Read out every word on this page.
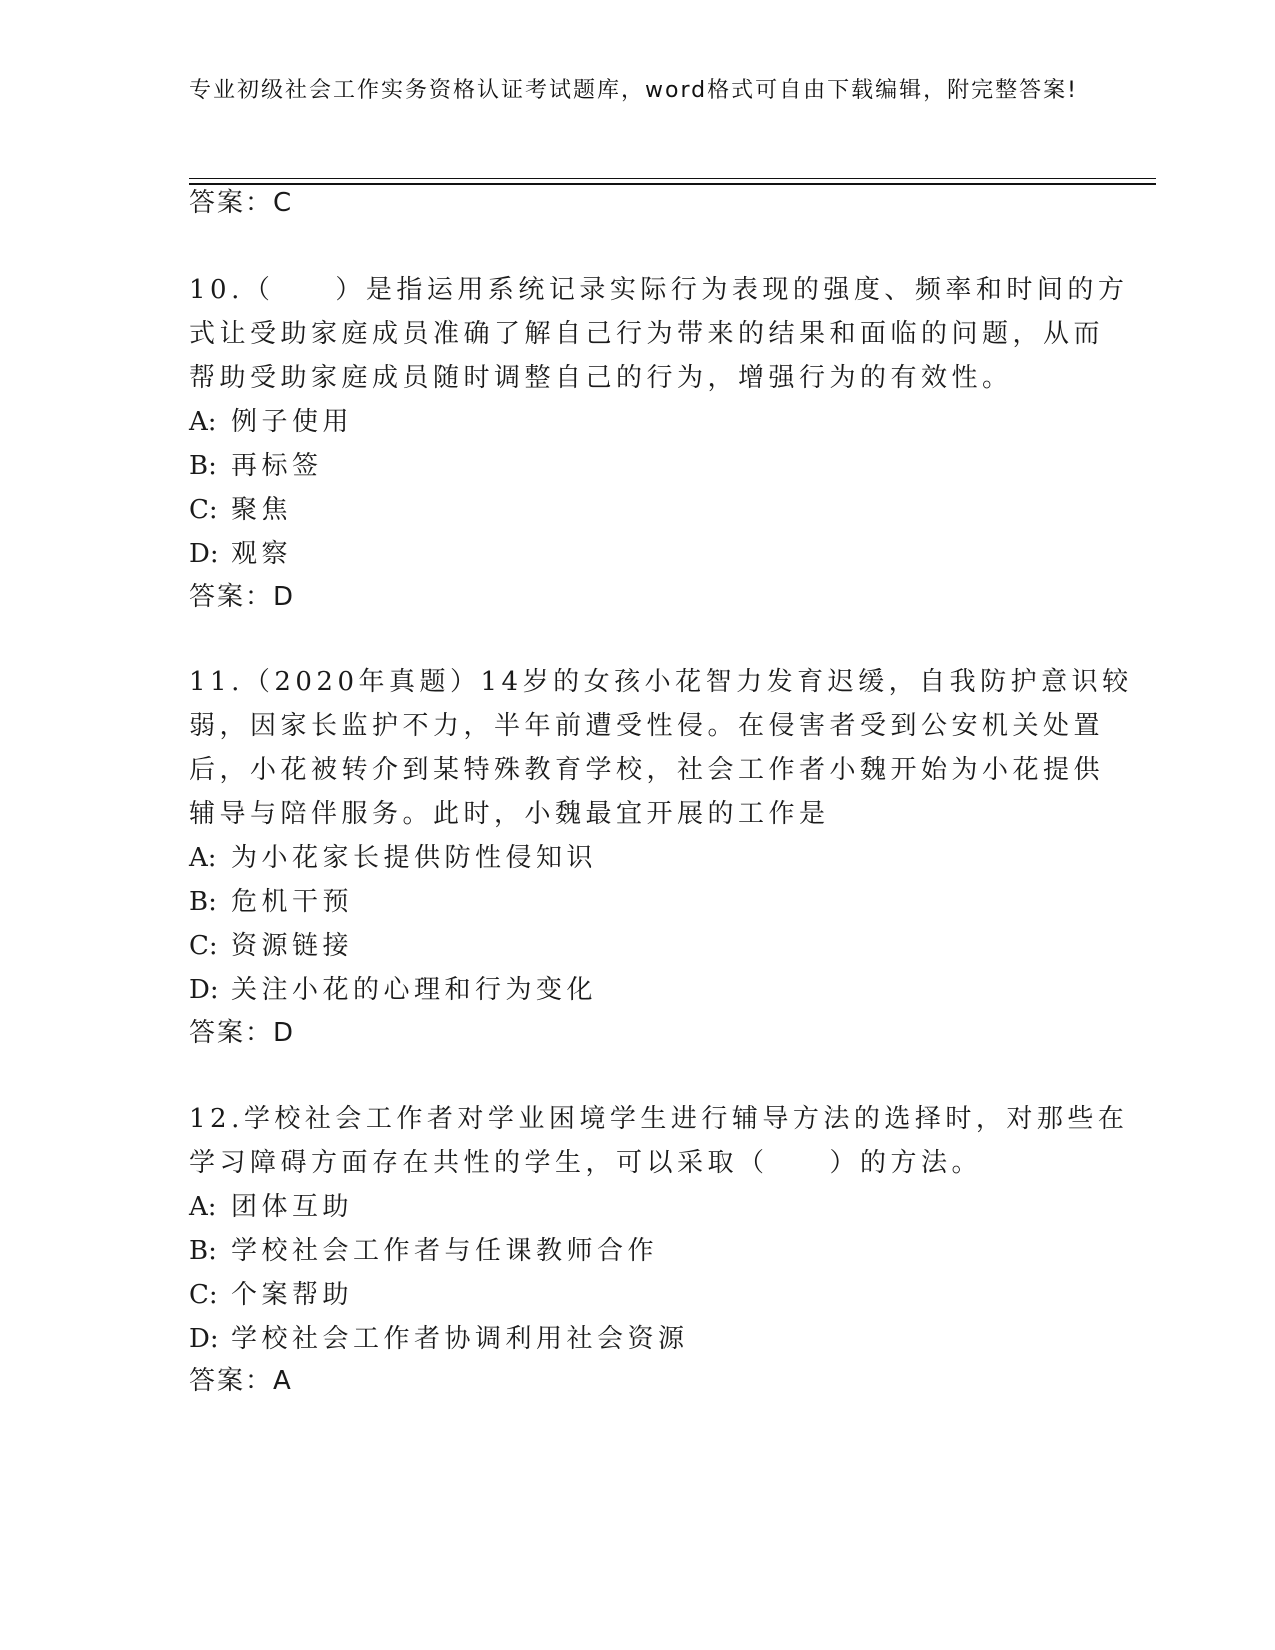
专业初级社会工作实务资格认证考试题库，word格式可自由下载编辑，附完整答案!
答案：C
10.（　　）是指运用系统记录实际行为表现的强度、频率和时间的方
式让受助家庭成员准确了解自己行为带来的结果和面临的问题，从而
帮助受助家庭成员随时调整自己的行为，增强行为的有效性。
A: 例子使用
B: 再标签
C: 聚焦
D: 观察
答案：D
11.（2020年真题）14岁的女孩小花智力发育迟缓，自我防护意识较
弱，因家长监护不力，半年前遭受性侵。在侵害者受到公安机关处置
后，小花被转介到某特殊教育学校，社会工作者小魏开始为小花提供
辅导与陪伴服务。此时，小魏最宜开展的工作是
A: 为小花家长提供防性侵知识
B: 危机干预
C: 资源链接
D: 关注小花的心理和行为变化
答案：D
12.学校社会工作者对学业困境学生进行辅导方法的选择时，对那些在
学习障碍方面存在共性的学生，可以采取（　　）的方法。
A: 团体互助
B: 学校社会工作者与任课教师合作
C: 个案帮助
D: 学校社会工作者协调利用社会资源
答案：A
